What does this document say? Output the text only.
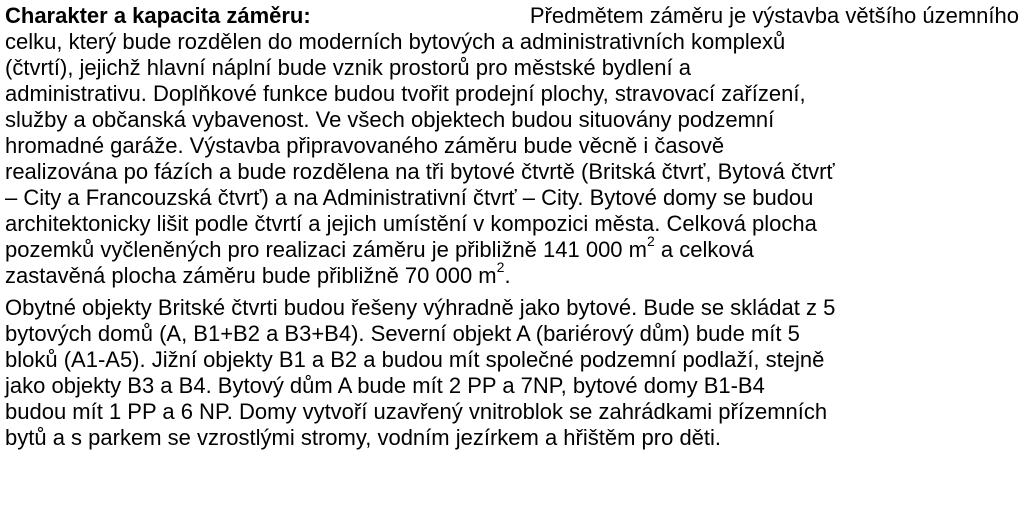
Charakter a kapacita záměru:	Předmětem záměru je výstavba většího územního
celku, který bude rozdělen do moderních bytových a administrativních komplexů
(čtvrtí), jejichž hlavní náplní bude vznik prostorů pro městské bydlení a
administrativu. Doplňkové funkce budou tvořit prodejní plochy, stravovací zařízení,
služby a občanská vybavenost. Ve všech objektech budou situovány podzemní
hromadné garáže. Výstavba připravovaného záměru bude věcně i časově
realizována po fázích a bude rozdělena na tři bytové čtvrtě (Britská čtvrť, Bytová čtvrť
– City a Francouzská čtvrť) a na Administrativní čtvrť – City. Bytové domy se budou
architektonicky lišit podle čtvrtí a jejich umístění v kompozici města. Celková plocha
pozemků vyčleněných pro realizaci záměru je přibližně 141 000 $m^2$ a celková
zastavěná plocha záměru bude přibližně 70 000 $m^2$.
Obytné objekty Britské čtvrti budou řešeny výhradně jako bytové. Bude se skládat z 5
bytových domů (A, B1+B2 a B3+B4). Severní objekt A (bariérový dům) bude mít 5
bloků (A1-A5). Jižní objekty B1 a B2 a budou mít společné podzemní podlaží, stejně
jako objekty B3 a B4. Bytový dům A bude mít 2 PP a 7NP, bytové domy B1-B4
budou mít 1 PP a 6 NP. Domy vytvoří uzavřený vnitroblok se zahrádkami přízemních
bytů a s parkem se vzrostlými stromy, vodním jezírkem a hřištěm pro děti.
